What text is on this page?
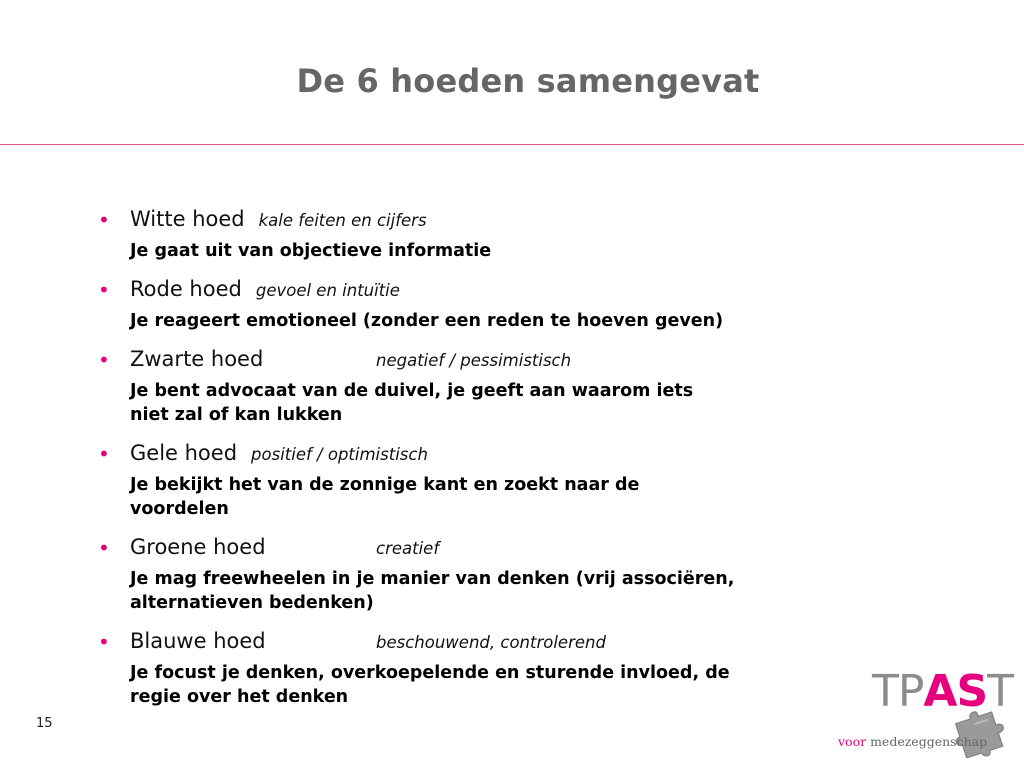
De 6 hoeden samengevat
• Witte hoed kale feiten en cijfers
Je gaat uit van objectieve informatie
• Rode hoed gevoel en intuïtie
Je reageert emotioneel (zonder een reden te hoeven geven)
• Zwarte hoed	negatief / pessimistisch
Je bent advocaat van de duivel, je geeft aan waarom iets niet zal of kan lukken
• Gele hoed positief / optimistisch
Je bekijkt het van de zonnige kant en zoekt naar de voordelen
• Groene hoed	creatief
Je mag freewheelen in je manier van denken (vrij associëren, alternatieven bedenken)
• Blauwe hoed	beschouwend, controlerend
Je focust je denken, overkoepelende en sturende invloed, de regie over het denken
15
TPAST
voor medezeggenschap
